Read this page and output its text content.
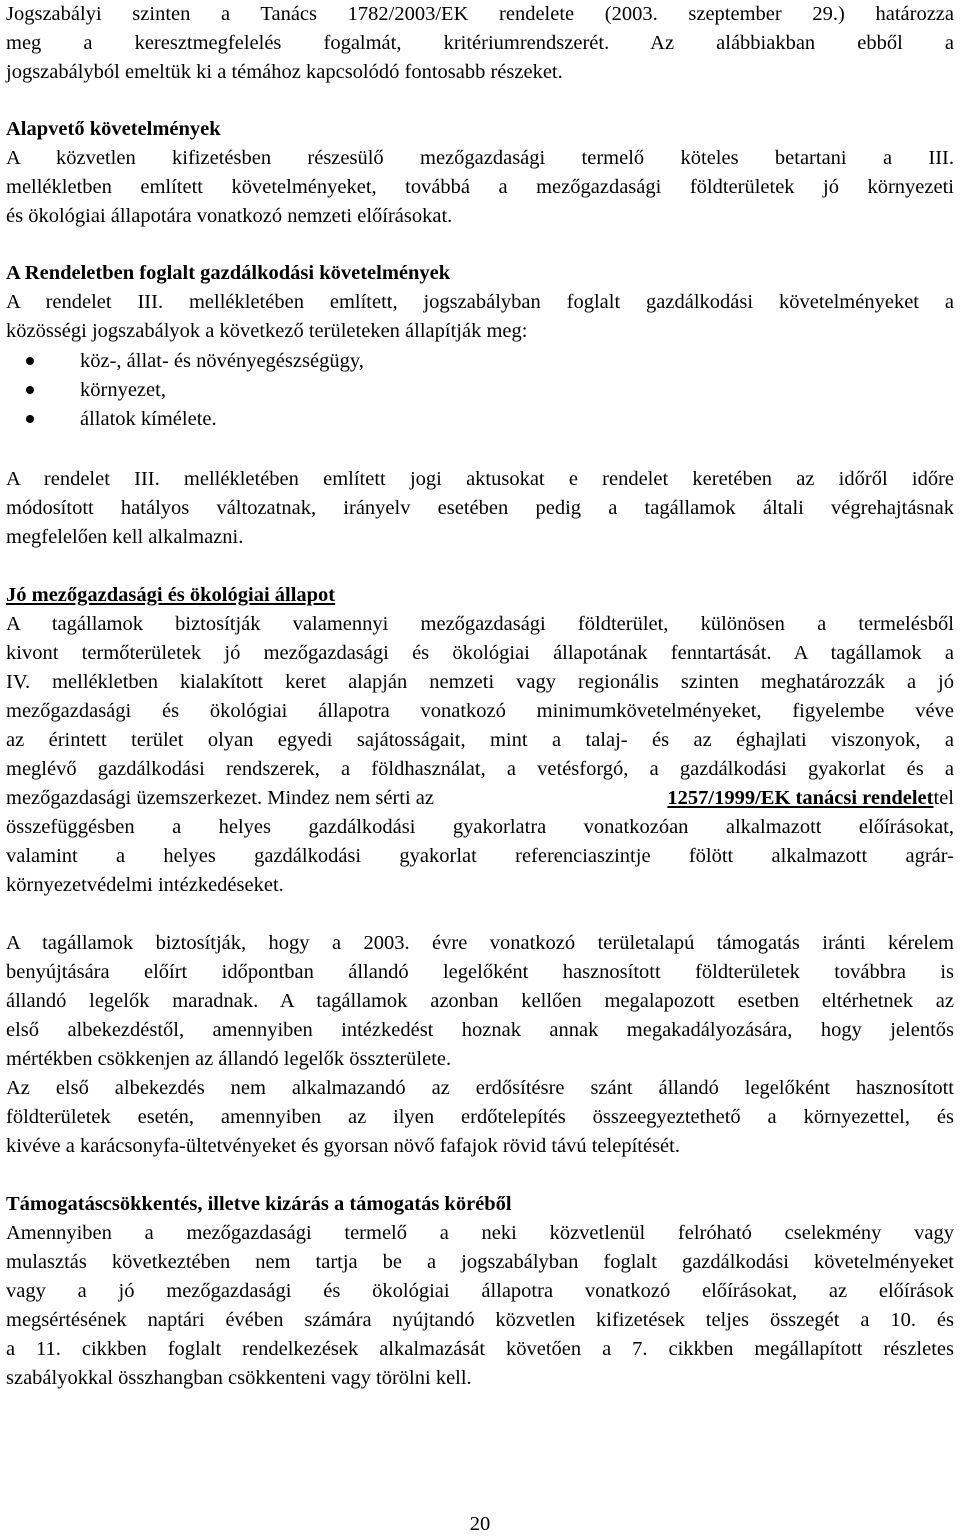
Jogszabályi szinten a Tanács 1782/2003/EK rendelete (2003. szeptember 29.) határozza
meg a keresztmegfelelés fogalmát, kritériumrendszerét. Az alábbiakban ebből a
jogszabályból emeltük ki a témához kapcsolódó fontosabb részeket.
Alapvető követelmények
A közvetlen kifizetésben részesülő mezőgazdasági termelő köteles betartani a III.
mellékletben említett követelményeket, továbbá a mezőgazdasági földterületek jó környezeti
és ökológiai állapotára vonatkozó nemzeti előírásokat.
A Rendeletben foglalt gazdálkodási követelmények
A rendelet III. mellékletében említett, jogszabályban foglalt gazdálkodási követelményeket a
közösségi jogszabályok a következő területeken állapítják meg:
köz-, állat- és növényegészségügy,
környezet,
állatok kímélete.
A rendelet III. mellékletében említett jogi aktusokat e rendelet keretében az időről időre
módosított hatályos változatnak, irányelv esetében pedig a tagállamok általi végrehajtásnak
megfelelően kell alkalmazni.
Jó mezőgazdasági és ökológiai állapot
A tagállamok biztosítják valamennyi mezőgazdasági földterület, különösen a termelésből
kivont termőterületek jó mezőgazdasági és ökológiai állapotának fenntartását. A tagállamok a
IV. mellékletben kialakított keret alapján nemzeti vagy regionális szinten meghatározzák a jó
mezőgazdasági és ökológiai állapotra vonatkozó minimumkövetelményeket, figyelembe véve
az érintett terület olyan egyedi sajátosságait, mint a talaj- és az éghajlati viszonyok, a
meglévő gazdálkodási rendszerek, a földhasználat, a vetésforgó, a gazdálkodási gyakorlat és a
mezőgazdasági üzemszerkezet. Mindez nem sérti az	1257/1999/EK tanácsi rendelettel
összefüggésben a helyes gazdálkodási gyakorlatra vonatkozóan alkalmazott előírásokat,
valamint a helyes gazdálkodási gyakorlat referenciaszintje fölött alkalmazott agrár-
környezetvédelmi intézkedéseket.
A tagállamok biztosítják, hogy a 2003. évre vonatkozó területalapú támogatás iránti kérelem
benyújtására előírt időpontban állandó legelőként hasznosított földterületek továbbra is
állandó legelők maradnak. A tagállamok azonban kellően megalapozott esetben eltérhetnek az
első albekezdéstől, amennyiben intézkedést hoznak annak megakadályozására, hogy jelentős
mértékben csökkenjen az állandó legelők összterülete.
Az első albekezdés nem alkalmazandó az erdősítésre szánt állandó legelőként hasznosított
földterületek esetén, amennyiben az ilyen erdőtelepítés összeegyeztethető a környezettel, és
kivéve a karácsonyfa-ültetvényeket és gyorsan növő fafajok rövid távú telepítését.
Támogatáscsökkentés, illetve kizárás a támogatás köréből
Amennyiben a mezőgazdasági termelő a neki közvetlenül felróható cselekmény vagy
mulasztás következtében nem tartja be a jogszabályban foglalt gazdálkodási követelményeket
vagy a jó mezőgazdasági és ökológiai állapotra vonatkozó előírásokat, az előírások
megsértésének naptári évében számára nyújtandó közvetlen kifizetések teljes összegét a 10. és
a 11. cikkben foglalt rendelkezések alkalmazását követően a 7. cikkben megállapított részletes
szabályokkal összhangban csökkenteni vagy törölni kell.
20
